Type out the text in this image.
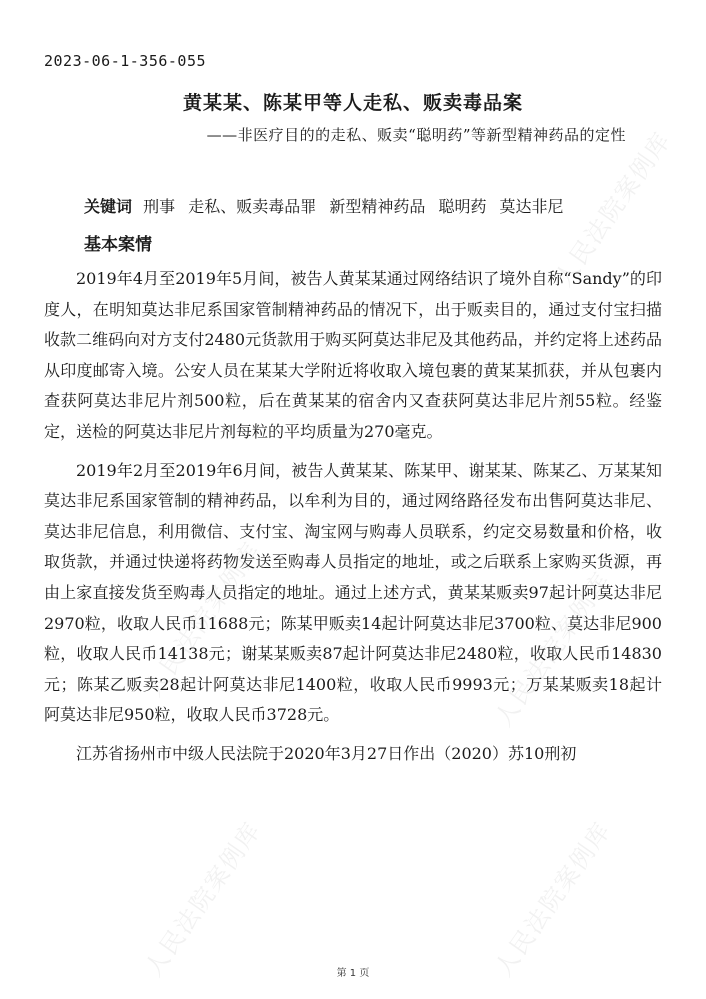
2023-06-1-356-055
黄某某、陈某甲等人走私、贩卖毒品案
——非医疗目的的走私、贩卖“聪明药”等新型精神药品的定性
关键词 刑事 走私、贩卖毒品罪 新型精神药品 聪明药 莫达非尼
基本案情

2019年4月至2019年5月间，被告人黄某某通过网络结识了境外自称“Sandy”的印度人，在明知莫达非尼系国家管制精神药品的情况下，出于贩卖目的，通过支付宝扫描收款二维码向对方支付2480元货款用于购买阿莫达非尼及其他药品，并约定将上述药品从印度邮寄入境。公安人员在某某大学附近将收取入境包裹的黄某某抓获，并从包裹内查获阿莫达非尼片剂500粒，后在黄某某的宿舍内又查获阿莫达非尼片剂55粒。经鉴定，送检的阿莫达非尼片剂每粒的平均质量为270毫克。

2019年2月至2019年6月间，被告人黄某某、陈某甲、谢某某、陈某乙、万某某知莫达非尼系国家管制的精神药品，以牟利为目的，通过网络路径发布出售阿莫达非尼、莫达非尼信息，利用微信、支付宝、淘宝网与购毒人员联系，约定交易数量和价格，收取货款，并通过快递将药物发送至购毒人员指定的地址，或之后联系上家购买货源，再由上家直接发货至购毒人员指定的地址。通过上述方式，黄某某贩卖97起计阿莫达非尼2970粒，收取人民币11688元；陈某甲贩卖14起计阿莫达非尼3700粒、莫达非尼900粒，收取人民币14138元；谢某某贩卖87起计阿莫达非尼2480粒，收取人民币14830元；陈某乙贩卖28起计阿莫达非尼1400粒，收取人民币9993元；万某某贩卖18起计阿莫达非尼950粒，收取人民币3728元。

江苏省扬州市中级人民法院于2020年3月27日作出（2020）苏10刑初

第 1 页
人民法院案例库
人民法院案例库	人民法院案例库
人民法院案例库	人民法院案例库
